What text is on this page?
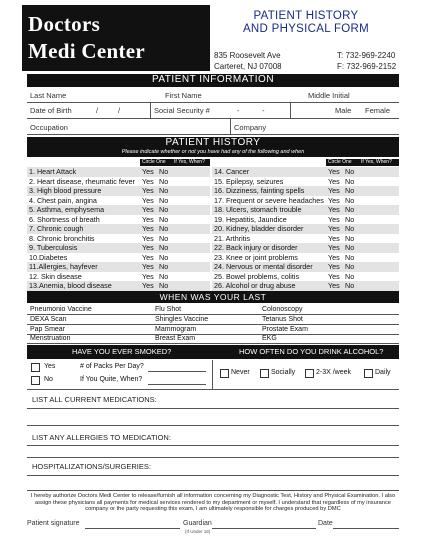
Doctors
Medi Center
PATIENT HISTORY
AND PHYSICAL FORM
835 Roosevelt Ave
Carteret, NJ 07008
T: 732-969-2240
F: 732-969-2152
PATIENT INFORMATION
Last Name	First Name	Middle Initial
Date of Birth	/	/	Social Security #	-	-	Male Female
Occupation	Company
PATIENT HISTORY
Please indicate whether or not you have had any of the following and when
Circle One If Yes, When?	Circle One If Yes, When?
1. Heart Attack	Yes No
2. Heart disease, rheumatic fever Yes No
3. High blood pressure	Yes No
4. Chest pain, angina	Yes No
5. Asthma, emphysema	Yes No
6. Shortness of breath	Yes No
7. Chronic cough	Yes No
8. Chronic bronchitis	Yes No
9. Tuberculosis	Yes No
10.Diabetes	Yes No
11.Allergies, hayfever	Yes No
12. Skin disease	Yes No
13.Anemia, blood disease	Yes No
14. Cancer	Yes No
15. Epilepsy, seizures	Yes No
16. Dizziness, fainting spells	Yes No
17. Frequent or severe headaches Yes No
18. Ulcers, stomach trouble	Yes No
19. Hepatitis, Jaundice	Yes No
20. Kidney, bladder disorder	Yes No
21. Arthritis	Yes No
22. Back injury or disorder	Yes No
23. Knee or joint problems	Yes No
24. Nervous or mental disorder Yes No
25. Bowel problems, colitis	Yes No
26. Alcohol or drug abuse	Yes No
WHEN WAS YOUR LAST
Pneumonio Vaccine	Flu Shot	Colonoscopy
DEXA Scan	Shingles Vaccine	Tetanus Shot
Pap Smear	Mammogram	Prostate Exam
Menstruation	Breast Exam	EKG
HAVE YOU EVER SMOKED?	HOW OFTEN DO YOU DRINK ALCOHOL?
Yes
No
# of Packs Per Day?
If You Quite, When?
Never	Socially	2-3X /week	Daily
LIST ALL CURRENT MEDICATIONS:
LIST ANY ALLERGIES TO MEDICATION:
HOSPITALIZATIONS/SURGERIES:
I hereby authorize Doctors Medi Center to release/furnish all information concerning my Diagnostic Test, History and Physical Examination. I also assign these physicians all payments for medical services rendered to my department or myself. I understand that regardless of my insurance company or the party requesting this exam, I am ultimately responsible for charges produced by DMC
Patient signature	Guardian
(If Under 18)
Date
